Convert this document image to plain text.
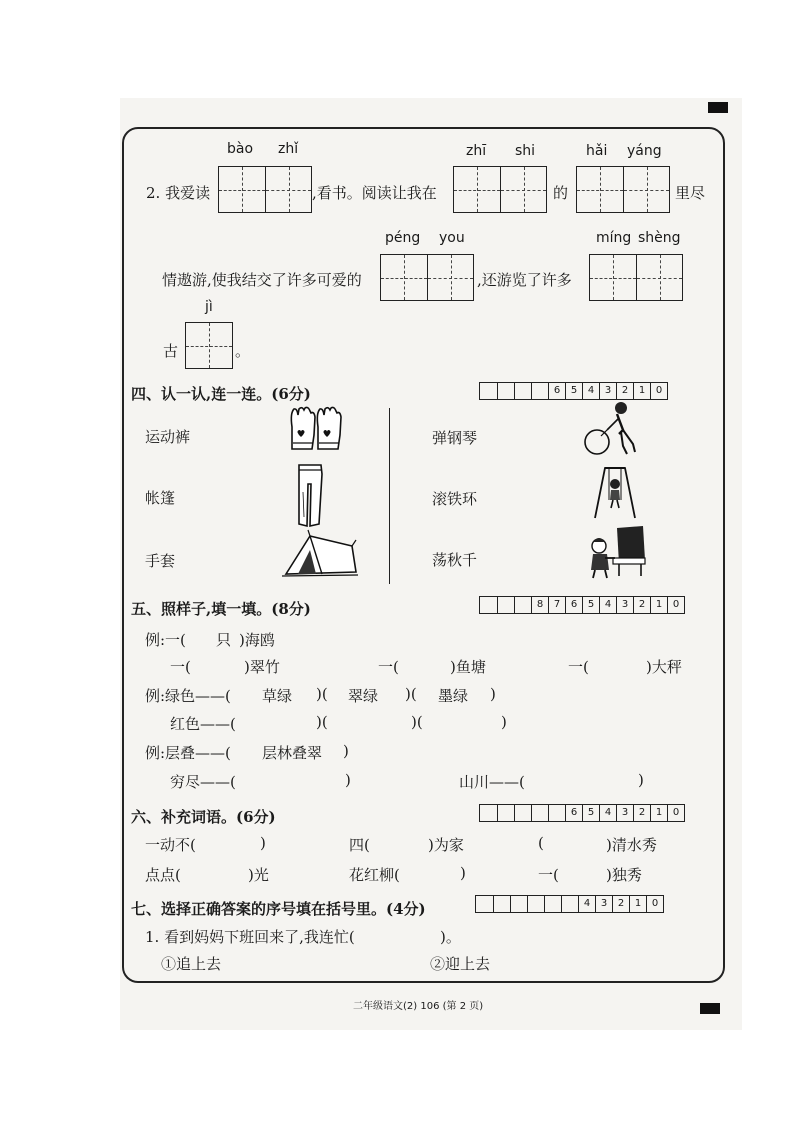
bào zhǐ	zhī shi	hǎi yáng
2. 我爱读	,看书。阅读让我在	的	里尽
péng you	míng shèng
情遨游,使我结交了许多可爱的	,还游览了许多
jì
古	。
四、认一认,连一连。(6分)	6	5	4	3	2	1	0
运动裤
帐篷
手套
弹钢琴
滚铁环
荡秋千
五、照样子,填一填。(8分)	8	7	6	5	4	3	2	1	0
例:一( 只 )海鸥
一(	)翠竹	一(	)鱼塘	一(	)大秤
例:绿色——( 草绿 )( 翠绿 )( 墨绿 )
红色——(	)(	)(	)
例:层叠——( 层林叠翠 )
穷尽——(	)	山川——(	)
六、补充词语。(6分)	6	5	4	3	2	1	0
一动不(	)	四(	)为家	(	)清水秀
点点(	)光	花红柳(	)	一(	)独秀
七、选择正确答案的序号填在括号里。(4分)	4	3	2	1	0
1. 看到妈妈下班回来了,我连忙(	)。
①追上去	②迎上去
二年级语文(2) 106 (第 2 页)
